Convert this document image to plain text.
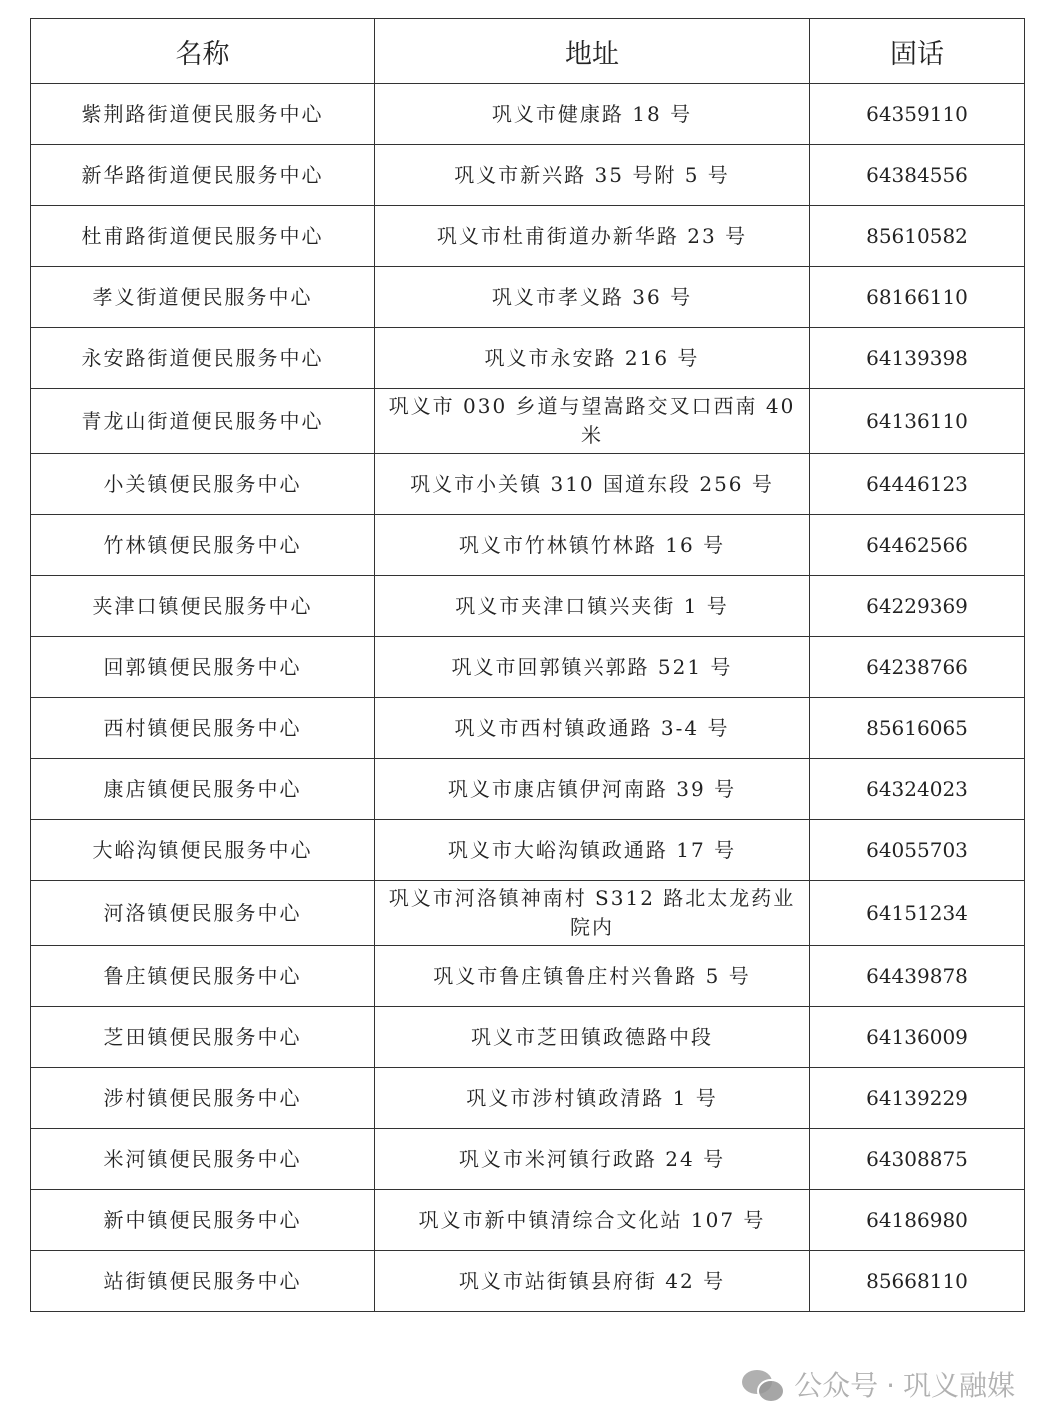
名称	地址	固话
紫荆路街道便民服务中心	巩义市健康路 18 号	64359110
新华路街道便民服务中心	巩义市新兴路 35 号附 5 号	64384556
杜甫路街道便民服务中心	巩义市杜甫街道办新华路 23 号	85610582
孝义街道便民服务中心	巩义市孝义路 36 号	68166110
永安路街道便民服务中心	巩义市永安路 216 号	64139398
青龙山街道便民服务中心	巩义市 030 乡道与望嵩路交叉口西南 40 米	64136110
小关镇便民服务中心	巩义市小关镇 310 国道东段 256 号	64446123
竹林镇便民服务中心	巩义市竹林镇竹林路 16 号	64462566
夹津口镇便民服务中心	巩义市夹津口镇兴夹街 1 号	64229369
回郭镇便民服务中心	巩义市回郭镇兴郭路 521 号	64238766
西村镇便民服务中心	巩义市西村镇政通路 3-4 号	85616065
康店镇便民服务中心	巩义市康店镇伊河南路 39 号	64324023
大峪沟镇便民服务中心	巩义市大峪沟镇政通路 17 号	64055703
河洛镇便民服务中心	巩义市河洛镇神南村 S312 路北太龙药业院内	64151234
鲁庄镇便民服务中心	巩义市鲁庄镇鲁庄村兴鲁路 5 号	64439878
芝田镇便民服务中心	巩义市芝田镇政德路中段	64136009
涉村镇便民服务中心	巩义市涉村镇政清路 1 号	64139229
米河镇便民服务中心	巩义市米河镇行政路 24 号	64308875
新中镇便民服务中心	巩义市新中镇清综合文化站 107 号	64186980
站街镇便民服务中心	巩义市站街镇县府街 42 号	85668110
公众号 · 巩义融媒
